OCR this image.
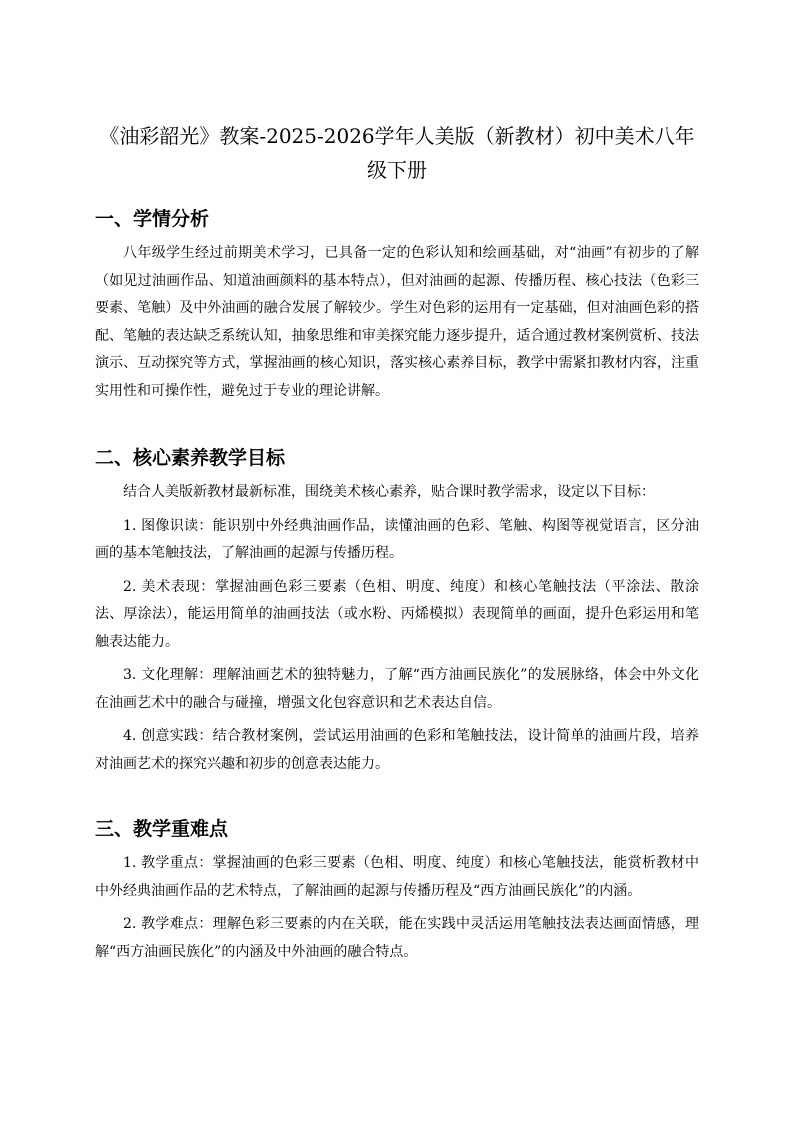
《油彩韶光》教案-2025-2026学年人美版（新教材）初中美术八年级下册
一、学情分析

八年级学生经过前期美术学习，已具备一定的色彩认知和绘画基础，对“油画”有初步的了解（如见过油画作品、知道油画颜料的基本特点），但对油画的起源、传播历程、核心技法（色彩三要素、笔触）及中外油画的融合发展了解较少。学生对色彩的运用有一定基础，但对油画色彩的搭配、笔触的表达缺乏系统认知，抽象思维和审美探究能力逐步提升，适合通过教材案例赏析、技法演示、互动探究等方式，掌握油画的核心知识，落实核心素养目标，教学中需紧扣教材内容，注重实用性和可操作性，避免过于专业的理论讲解。

二、核心素养教学目标

结合人美版新教材最新标准，围绕美术核心素养，贴合课时教学需求，设定以下目标：

1. 图像识读：能识别中外经典油画作品，读懂油画的色彩、笔触、构图等视觉语言，区分油画的基本笔触技法，了解油画的起源与传播历程。

2. 美术表现：掌握油画色彩三要素（色相、明度、纯度）和核心笔触技法（平涂法、散涂法、厚涂法），能运用简单的油画技法（或水粉、丙烯模拟）表现简单的画面，提升色彩运用和笔触表达能力。

3. 文化理解：理解油画艺术的独特魅力，了解“西方油画民族化”的发展脉络，体会中外文化在油画艺术中的融合与碰撞，增强文化包容意识和艺术表达自信。

4. 创意实践：结合教材案例，尝试运用油画的色彩和笔触技法，设计简单的油画片段，培养对油画艺术的探究兴趣和初步的创意表达能力。

三、教学重难点

1. 教学重点：掌握油画的色彩三要素（色相、明度、纯度）和核心笔触技法，能赏析教材中中外经典油画作品的艺术特点，了解油画的起源与传播历程及“西方油画民族化”的内涵。

2. 教学难点：理解色彩三要素的内在关联，能在实践中灵活运用笔触技法表达画面情感，理解“西方油画民族化”的内涵及中外油画的融合特点。
